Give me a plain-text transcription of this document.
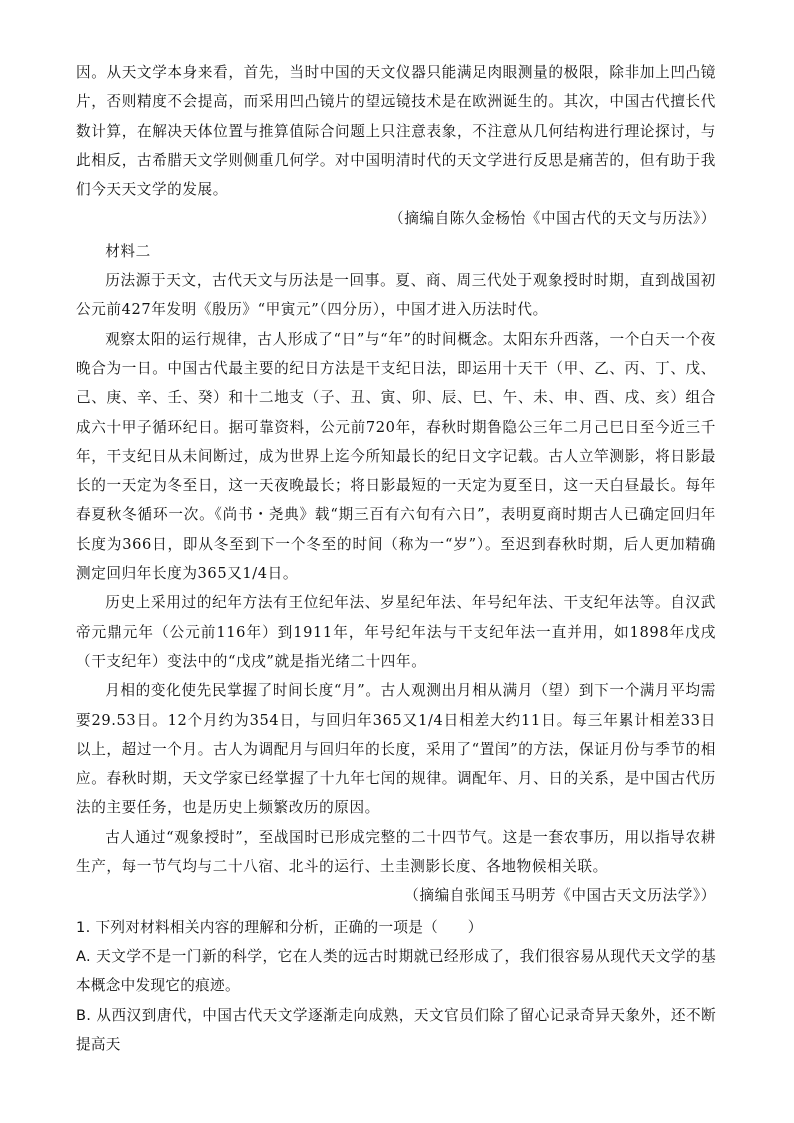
因。从天文学本身来看，首先，当时中国的天文仪器只能满足肉眼测量的极限，除非加上凹凸镜片，否则精度不会提高，而采用凹凸镜片的望远镜技术是在欧洲诞生的。其次，中国古代擅长代数计算，在解决天体位置与推算值际合问题上只注意表象，不注意从几何结构进行理论探讨，与此相反，古希腊天文学则侧重几何学。对中国明清时代的天文学进行反思是痛苦的，但有助于我们今天天文学的发展。

（摘编自陈久金杨怡《中国古代的天文与历法》）

材料二

历法源于天文，古代天文与历法是一回事。夏、商、周三代处于观象授时时期，直到战国初公元前427年发明《殷历》“甲寅元”（四分历），中国才进入历法时代。

观察太阳的运行规律，古人形成了“日”与“年”的时间概念。太阳东升西落，一个白天一个夜晚合为一日。中国古代最主要的纪日方法是干支纪日法，即运用十天干（甲、乙、丙、丁、戊、己、庚、辛、壬、癸）和十二地支（子、丑、寅、卯、辰、巳、午、未、申、酉、戌、亥）组合成六十甲子循环纪日。据可靠资料，公元前720年，春秋时期鲁隐公三年二月己巳日至今近三千年，干支纪日从未间断过，成为世界上迄今所知最长的纪日文字记载。古人立竿测影，将日影最长的一天定为冬至日，这一天夜晚最长；将日影最短的一天定为夏至日，这一天白昼最长。每年春夏秋冬循环一次。《尚书・尧典》载“期三百有六旬有六日”，表明夏商时期古人已确定回归年长度为366日，即从冬至到下一个冬至的时间（称为一“岁”）。至迟到春秋时期，后人更加精确测定回归年长度为365又1/4日。

历史上采用过的纪年方法有王位纪年法、岁星纪年法、年号纪年法、干支纪年法等。自汉武帝元鼎元年（公元前116年）到1911年，年号纪年法与干支纪年法一直并用，如1898年戊戌（干支纪年）变法中的“戊戌”就是指光绪二十四年。

月相的变化使先民掌握了时间长度“月”。古人观测出月相从满月（望）到下一个满月平均需要29.53日。12个月约为354日，与回归年365又1/4日相差大约11日。每三年累计相差33日以上，超过一个月。古人为调配月与回归年的长度，采用了“置闰”的方法，保证月份与季节的相应。春秋时期，天文学家已经掌握了十九年七闰的规律。调配年、月、日的关系，是中国古代历法的主要任务，也是历史上频繁改历的原因。

古人通过“观象授时”，至战国时已形成完整的二十四节气。这是一套农事历，用以指导农耕生产，每一节气均与二十八宿、北斗的运行、土圭测影长度、各地物候相关联。

（摘编自张闻玉马明芳《中国古天文历法学》）

1. 下列对材料相关内容的理解和分析，正确的一项是（　　）

A. 天文学不是一门新的科学，它在人类的远古时期就已经形成了，我们很容易从现代天文学的基本概念中发现它的痕迹。

B. 从西汉到唐代，中国古代天文学逐渐走向成熟，天文官员们除了留心记录奇异天象外，还不断提高天
